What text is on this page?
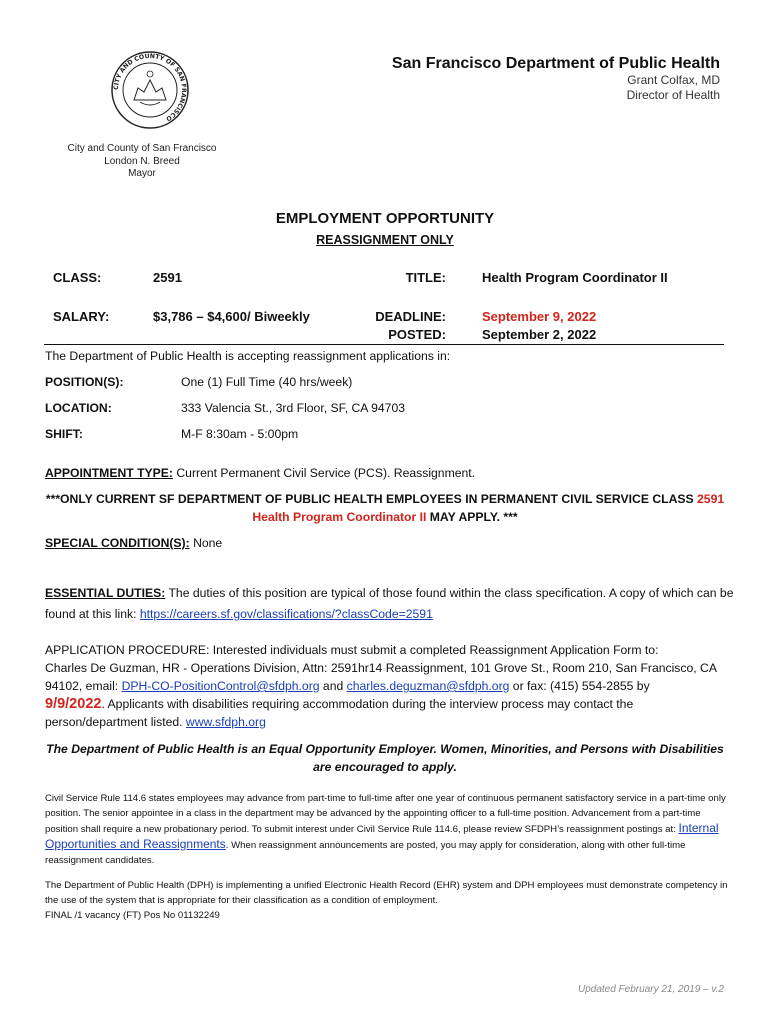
CITY AND COUNTY OF SAN FRANCISCO
San Francisco Department of Public Health
Grant Colfax, MD
Director of Health
City and County of San Francisco
London N. Breed
Mayor
EMPLOYMENT OPPORTUNITY
REASSIGNMENT ONLY
CLASS:	2591	TITLE:	Health Program Coordinator II
SALARY:	$3,786 – $4,600/ Biweekly	DEADLINE:	September 9, 2022
POSTED:	September 2, 2022
The Department of Public Health is accepting reassignment applications in:
POSITION(S):	One (1) Full Time (40 hrs/week)
LOCATION:	333 Valencia St., 3rd Floor, SF, CA 94703
SHIFT:	M-F 8:30am - 5:00pm
APPOINTMENT TYPE: Current Permanent Civil Service (PCS). Reassignment.
***ONLY CURRENT SF DEPARTMENT OF PUBLIC HEALTH EMPLOYEES IN PERMANENT CIVIL SERVICE CLASS 2591
Health Program Coordinator II MAY APPLY. ***
SPECIAL CONDITION(S): None
ESSENTIAL DUTIES: The duties of this position are typical of those found within the class specification. A copy of which can be found at this link: https://careers.sf.gov/classifications/?classCode=2591
APPLICATION PROCEDURE: Interested individuals must submit a completed Reassignment Application Form to:
Charles De Guzman, HR - Operations Division, Attn: 2591hr14 Reassignment, 101 Grove St., Room 210, San Francisco, CA 94102, email: DPH-CO-PositionControl@sfdph.org and charles.deguzman@sfdph.org or fax: (415) 554-2855 by
9/9/2022. Applicants with disabilities requiring accommodation during the interview process may contact the person/department listed. www.sfdph.org
The Department of Public Health is an Equal Opportunity Employer. Women, Minorities, and Persons with Disabilities are encouraged to apply.
Civil Service Rule 114.6 states employees may advance from part-time to full-time after one year of continuous permanent satisfactory service in a part-time only position. The senior appointee in a class in the department may be advanced by the appointing officer to a full-time position. Advancement from a part-time position shall require a new probationary period. To submit interest under Civil Service Rule 114.6, please review SFDPH’s reassignment postings at: Internal Opportunities and Reassignments. When reassignment announcements are posted, you may apply for consideration, along with other full-time reassignment candidates.
The Department of Public Health (DPH) is implementing a unified Electronic Health Record (EHR) system and DPH employees must demonstrate competency in the use of the system that is appropriate for their classification as a condition of employment.
FINAL /1 vacancy (FT) Pos No 01132249
Updated February 21, 2019 – v.2
